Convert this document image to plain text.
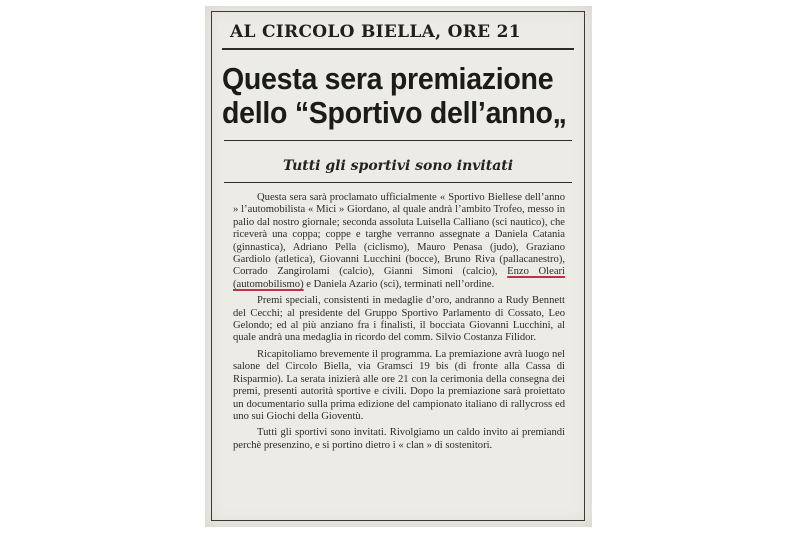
AL CIRCOLO BIELLA, ORE 21
Questa sera premiazione
dello “Sportivo dell’anno„
Tutti gli sportivi sono invitati

Questa sera sarà proclamato ufficialmente « Sportivo Biellese dell’anno » l’automobilista « Mici » Giordano, al quale andrà l’ambito Trofeo, messo in palio dal nostro giornale; seconda assoluta Luisella Calliano (sci nautico), che riceverà una coppa; coppe e targhe verranno assegnate a Daniela Catania (ginnastica), Adriano Pella (ciclismo), Mauro Penasa (judo), Graziano Gardiolo (atletica), Giovanni Lucchini (bocce), Bruno Riva (pallacanestro), Corrado Zangirolami (calcio), Gianni Simoni (calcio), Enzo Oleari (automobilismo) e Daniela Azario (sci), terminati nell’ordine.

Premi speciali, consistenti in medaglie d’oro, andranno a Rudy Bennett del Cecchi; al presidente del Gruppo Sportivo Parlamento di Cossato, Leo Gelondo; ed al più anziano fra i finalisti, il bocciata Giovanni Lucchini, al quale andrà una medaglia in ricordo del comm. Silvio Costanza Filidor.

Ricapitoliamo brevemente il programma. La premiazione avrà luogo nel salone del Circolo Biella, via Gramsci 19 bis (di fronte alla Cassa di Risparmio). La serata inizierà alle ore 21 con la cerimonia della consegna dei premi, presenti autorità sportive e civili. Dopo la premiazione sarà proiettato un documentario sulla prima edizione del campionato italiano di rallycross ed uno sui Giochi della Gioventù.

Tutti gli sportivi sono invitati. Rivolgiamo un caldo invito ai premiandi perchè presenzino, e si portino dietro i « clan » di sostenitori.
